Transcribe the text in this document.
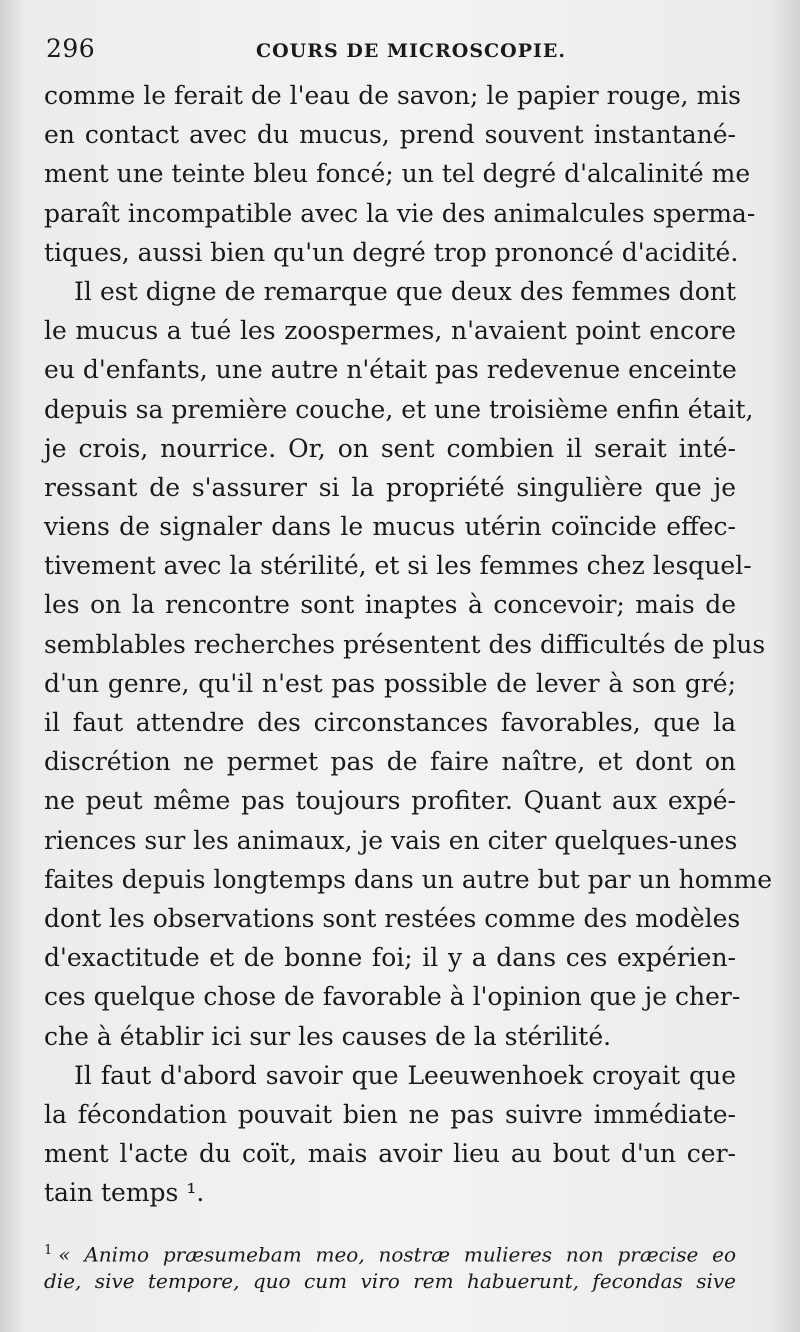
296	COURS DE MICROSCOPIE.
comme le ferait de l'eau de savon; le papier rouge, mis
en contact avec du mucus, prend souvent instantané-
ment une teinte bleu foncé; un tel degré d'alcalinité me
paraît incompatible avec la vie des animalcules sperma-
tiques, aussi bien qu'un degré trop prononcé d'acidité.
Il est digne de remarque que deux des femmes dont
le mucus a tué les zoospermes, n'avaient point encore
eu d'enfants, une autre n'était pas redevenue enceinte
depuis sa première couche, et une troisième enfin était,
je crois, nourrice. Or, on sent combien il serait inté-
ressant de s'assurer si la propriété singulière que je
viens de signaler dans le mucus utérin coïncide effec-
tivement avec la stérilité, et si les femmes chez lesquel-
les on la rencontre sont inaptes à concevoir; mais de
semblables recherches présentent des difficultés de plus
d'un genre, qu'il n'est pas possible de lever à son gré;
il faut attendre des circonstances favorables, que la
discrétion ne permet pas de faire naître, et dont on
ne peut même pas toujours profiter. Quant aux expé-
riences sur les animaux, je vais en citer quelques-unes
faites depuis longtemps dans un autre but par un homme
dont les observations sont restées comme des modèles
d'exactitude et de bonne foi; il y a dans ces expérien-
ces quelque chose de favorable à l'opinion que je cher-
che à établir ici sur les causes de la stérilité.
Il faut d'abord savoir que Leeuwenhoek croyait que
la fécondation pouvait bien ne pas suivre immédiate-
ment l'acte du coït, mais avoir lieu au bout d'un cer-
tain temps ¹.
$^1$ « Animo præsumebam meo, nostræ mulieres non præcise eo
die, sive tempore, quo cum viro rem habuerunt, fecondas sive
